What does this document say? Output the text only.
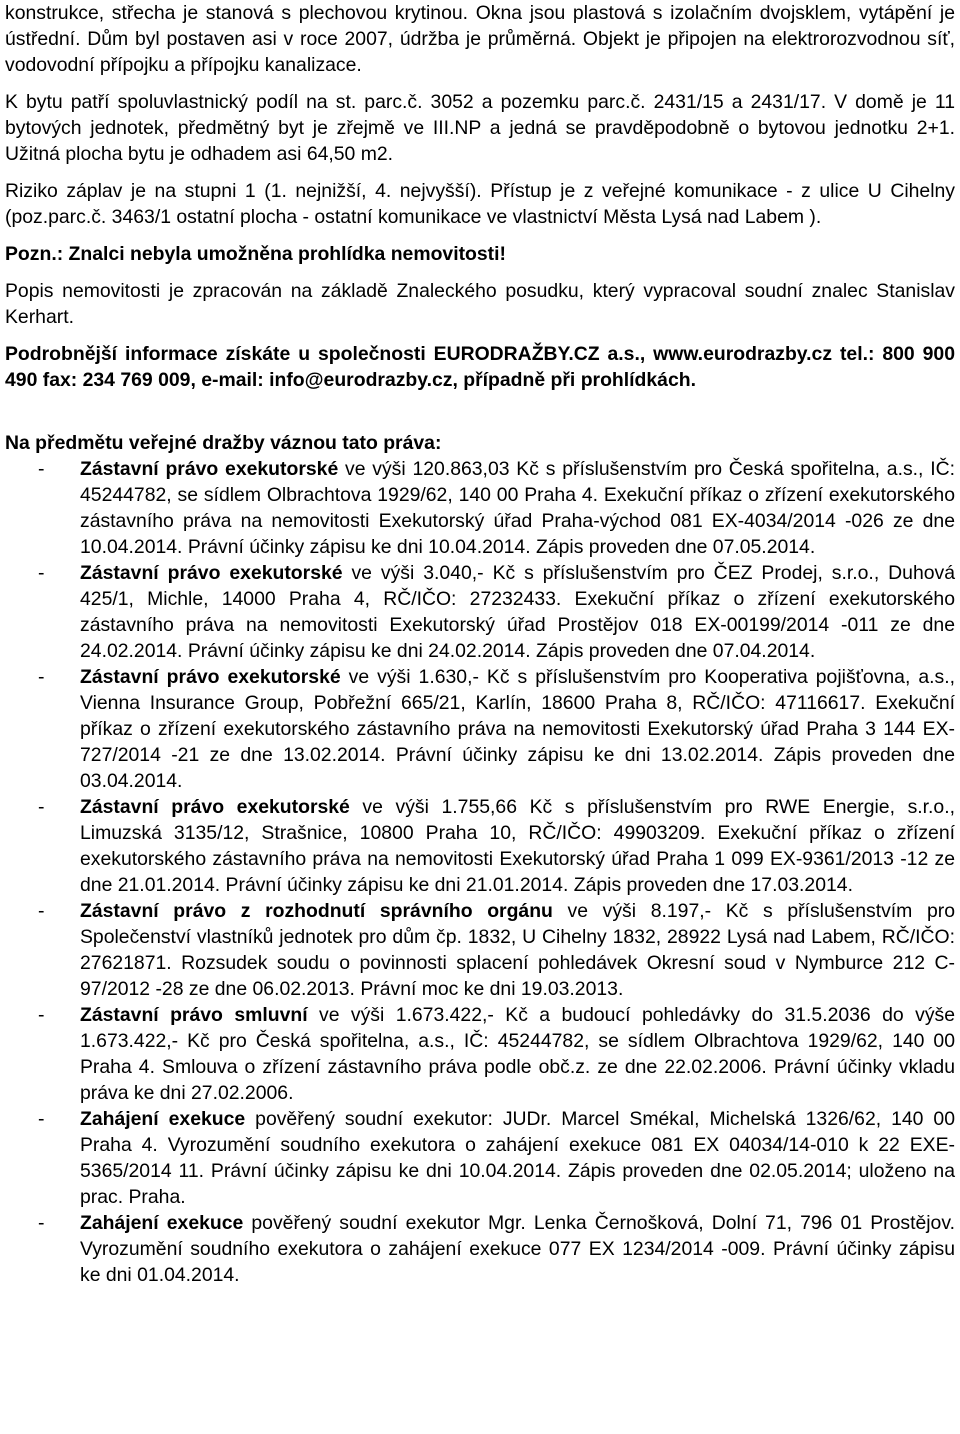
konstrukce, střecha je stanová s plechovou krytinou. Okna jsou plastová s izolačním dvojsklem, vytápění je ústřední. Dům byl postaven asi v roce 2007, údržba je průměrná. Objekt je připojen na elektrorozvodnou síť, vodovodní přípojku a přípojku kanalizace.

K bytu patří spoluvlastnický podíl na st. parc.č. 3052 a pozemku parc.č. 2431/15 a 2431/17. V domě je 11 bytových jednotek, předmětný byt je zřejmě ve III.NP a jedná se pravděpodobně o bytovou jednotku 2+1. Užitná plocha bytu je odhadem asi 64,50 m2.

Riziko záplav je na stupni 1 (1. nejnižší, 4. nejvyšší). Přístup je z veřejné komunikace - z ulice U Cihelny (poz.parc.č. 3463/1 ostatní plocha - ostatní komunikace ve vlastnictví Města Lysá nad Labem ).

Pozn.: Znalci nebyla umožněna prohlídka nemovitosti!

Popis nemovitosti je zpracován na základě Znaleckého posudku, který vypracoval soudní znalec Stanislav Kerhart.

Podrobnější informace získáte u společnosti EURODRAŽBY.CZ a.s., www.eurodrazby.cz tel.: 800 900 490 fax: 234 769 009, e-mail: info@eurodrazby.cz, případně při prohlídkách.

Na předmětu veřejné dražby váznou tato práva:

- Zástavní právo exekutorské ve výši 120.863,03 Kč s příslušenstvím pro Česká spořitelna, a.s., IČ: 45244782, se sídlem Olbrachtova 1929/62, 140 00 Praha 4. Exekuční příkaz o zřízení exekutorského zástavního práva na nemovitosti Exekutorský úřad Praha-východ 081 EX-4034/2014 -026 ze dne 10.04.2014. Právní účinky zápisu ke dni 10.04.2014. Zápis proveden dne 07.05.2014.
- Zástavní právo exekutorské ve výši 3.040,- Kč s příslušenstvím pro ČEZ Prodej, s.r.o., Duhová 425/1, Michle, 14000 Praha 4, RČ/IČO: 27232433. Exekuční příkaz o zřízení exekutorského zástavního práva na nemovitosti Exekutorský úřad Prostějov 018 EX-00199/2014 -011 ze dne 24.02.2014. Právní účinky zápisu ke dni 24.02.2014. Zápis proveden dne 07.04.2014.
- Zástavní právo exekutorské ve výši 1.630,- Kč s příslušenstvím pro Kooperativa pojišťovna, a.s., Vienna Insurance Group, Pobřežní 665/21, Karlín, 18600 Praha 8, RČ/IČO: 47116617. Exekuční příkaz o zřízení exekutorského zástavního práva na nemovitosti Exekutorský úřad Praha 3 144 EX-727/2014 -21 ze dne 13.02.2014. Právní účinky zápisu ke dni 13.02.2014. Zápis proveden dne 03.04.2014.
- Zástavní právo exekutorské ve výši 1.755,66 Kč s příslušenstvím pro RWE Energie, s.r.o., Limuzská 3135/12, Strašnice, 10800 Praha 10, RČ/IČO: 49903209. Exekuční příkaz o zřízení exekutorského zástavního práva na nemovitosti Exekutorský úřad Praha 1 099 EX-9361/2013 -12 ze dne 21.01.2014. Právní účinky zápisu ke dni 21.01.2014. Zápis proveden dne 17.03.2014.
- Zástavní právo z rozhodnutí správního orgánu ve výši 8.197,- Kč s příslušenstvím pro Společenství vlastníků jednotek pro dům čp. 1832, U Cihelny 1832, 28922 Lysá nad Labem, RČ/IČO: 27621871. Rozsudek soudu o povinnosti splacení pohledávek Okresní soud v Nymburce 212 C- 97/2012 -28 ze dne 06.02.2013. Právní moc ke dni 19.03.2013.
- Zástavní právo smluvní ve výši 1.673.422,- Kč a budoucí pohledávky do 31.5.2036 do výše 1.673.422,- Kč pro Česká spořitelna, a.s., IČ: 45244782, se sídlem Olbrachtova 1929/62, 140 00 Praha 4. Smlouva o zřízení zástavního práva podle obč.z. ze dne 22.02.2006. Právní účinky vkladu práva ke dni 27.02.2006.
- Zahájení exekuce pověřený soudní exekutor: JUDr. Marcel Smékal, Michelská 1326/62, 140 00 Praha 4. Vyrozumění soudního exekutora o zahájení exekuce 081 EX 04034/14-010 k 22 EXE- 5365/2014 11. Právní účinky zápisu ke dni 10.04.2014. Zápis proveden dne 02.05.2014; uloženo na prac. Praha.
- Zahájení exekuce pověřený soudní exekutor Mgr. Lenka Černošková, Dolní 71, 796 01 Prostějov. Vyrozumění soudního exekutora o zahájení exekuce 077 EX 1234/2014 -009. Právní účinky zápisu ke dni 01.04.2014.
